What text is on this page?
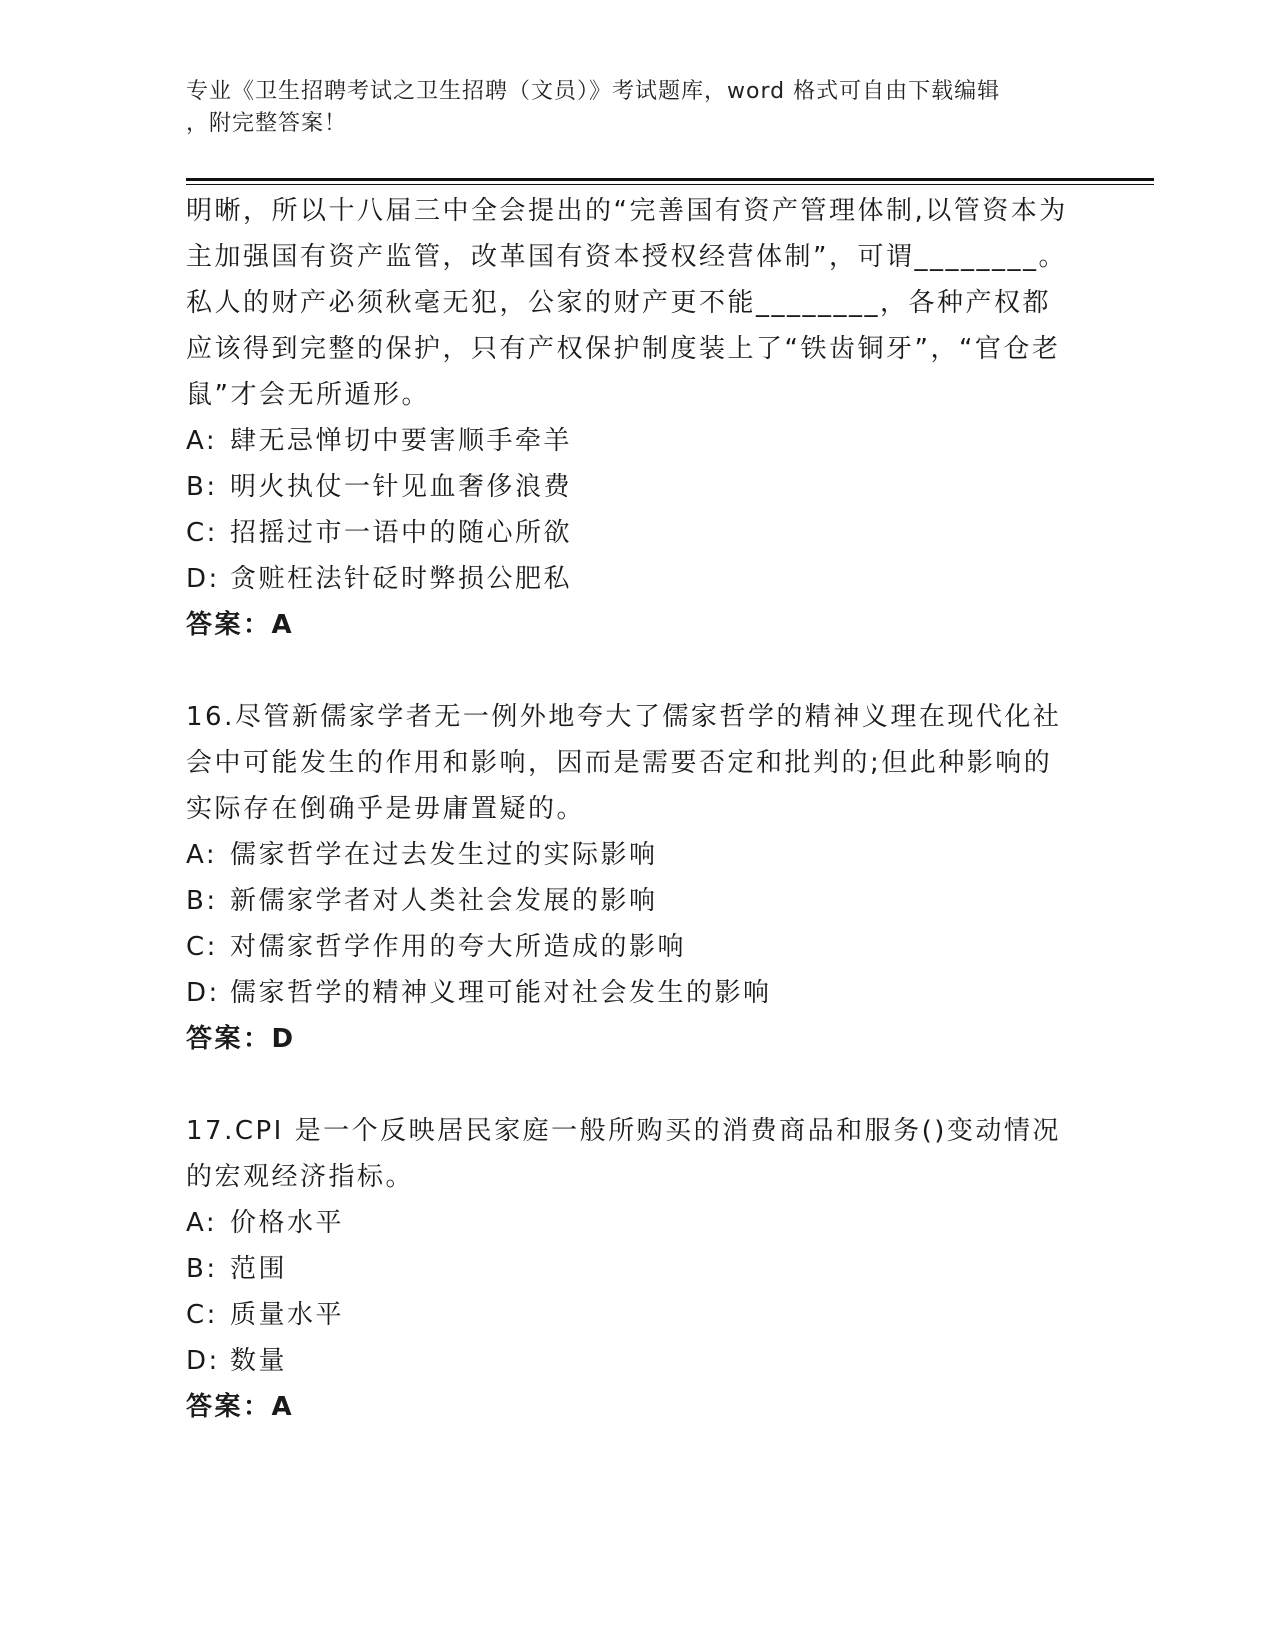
专业《卫生招聘考试之卫生招聘（文员）》考试题库，word 格式可自由下载编辑
，附完整答案！

明晰，所以十八届三中全会提出的“完善国有资产管理体制,以管资本为主加强国有资产监管，改革国有资本授权经营体制”，可谓________。私人的财产必须秋毫无犯，公家的财产更不能________，各种产权都应该得到完整的保护，只有产权保护制度装上了“铁齿铜牙”，“官仓老鼠”才会无所遁形。

A: 肆无忌惮切中要害顺手牵羊

B: 明火执仗一针见血奢侈浪费

C: 招摇过市一语中的随心所欲

D: 贪赃枉法针砭时弊损公肥私

答案：A

16.尽管新儒家学者无一例外地夸大了儒家哲学的精神义理在现代化社会中可能发生的作用和影响，因而是需要否定和批判的;但此种影响的实际存在倒确乎是毋庸置疑的。

A: 儒家哲学在过去发生过的实际影响

B: 新儒家学者对人类社会发展的影响

C: 对儒家哲学作用的夸大所造成的影响

D: 儒家哲学的精神义理可能对社会发生的影响

答案：D

17.CPI 是一个反映居民家庭一般所购买的消费商品和服务()变动情况的宏观经济指标。

A: 价格水平

B: 范围

C: 质量水平

D: 数量

答案：A
